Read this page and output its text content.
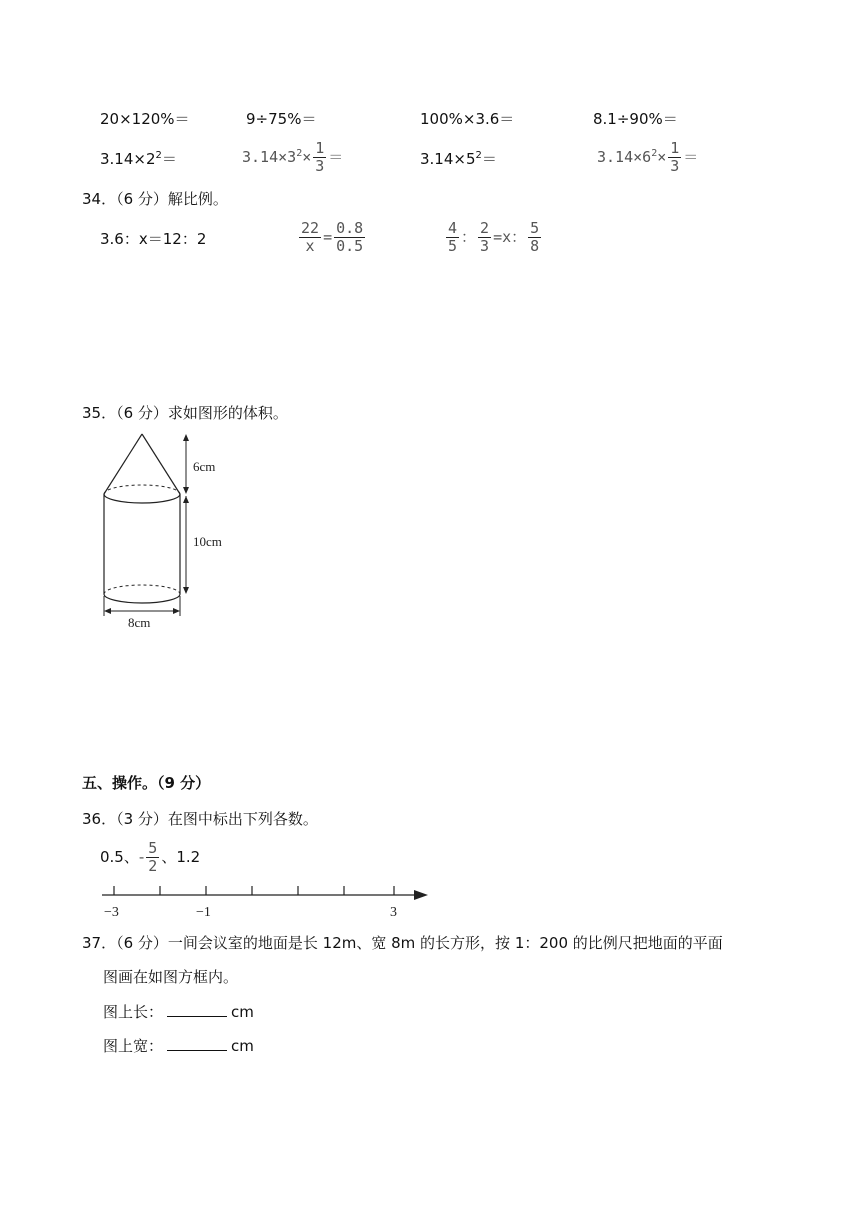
20×120%＝	9÷75%＝	100%×3.6＝	8.1÷90%＝
$3.14\times 2^2=$	$3.14\times 3^2\times \frac{1}{3}$ ＝	$3.14\times 5^2=$	$3.14\times 6^2\times \frac{1}{3}$ ＝
34．（6 分）解比例。
3.6：x＝12：2	$\frac{22}{x} = \frac{0.8}{0.5}$	$\frac{4}{5}$ ： $\frac{2}{3} =x$： $\frac{5}{8}$
35．（6 分）求如图形的体积。
6cm
10cm
8cm
五、操作。（9 分）
36．（3 分）在图中标出下列各数。
0.5、- $\frac{5}{2}$ 、1.2
−3	−1	3
37．（6 分）一间会议室的地面是长 12m、宽 8m 的长方形，按 1：200 的比例尺把地面的平面
图画在如图方框内。
图上长：	cm
图上宽：	cm
